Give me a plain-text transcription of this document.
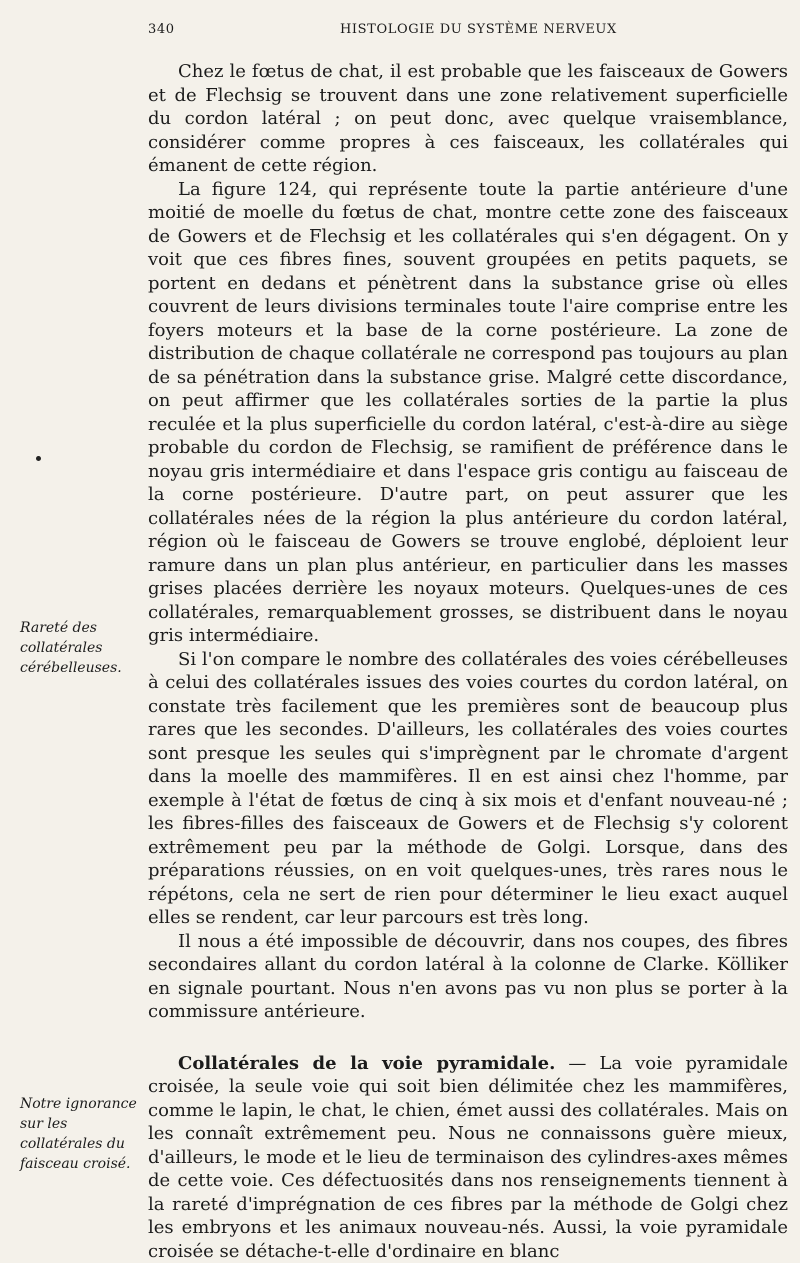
340	HISTOLOGIE DU SYSTÈME NERVEUX
Rareté des collatérales cérébelleuses.
Notre ignorance sur les collatérales du faisceau croisé.

Chez le fœtus de chat, il est probable que les faisceaux de Gowers et de Flechsig se trouvent dans une zone relativement superficielle du cordon latéral ; on peut donc, avec quelque vraisemblance, considérer comme propres à ces faisceaux, les collatérales qui émanent de cette région.

La figure 124, qui représente toute la partie antérieure d'une moitié de moelle du fœtus de chat, montre cette zone des faisceaux de Gowers et de Flechsig et les collatérales qui s'en dégagent. On y voit que ces fibres fines, souvent groupées en petits paquets, se portent en dedans et pénètrent dans la substance grise où elles couvrent de leurs divisions terminales toute l'aire comprise entre les foyers moteurs et la base de la corne postérieure. La zone de distribution de chaque collatérale ne correspond pas toujours au plan de sa pénétration dans la substance grise. Malgré cette discordance, on peut affirmer que les collatérales sorties de la partie la plus reculée et la plus superficielle du cordon latéral, c'est-à-dire au siège probable du cordon de Flechsig, se ramifient de préférence dans le noyau gris intermédiaire et dans l'espace gris contigu au faisceau de la corne postérieure. D'autre part, on peut assurer que les collatérales nées de la région la plus antérieure du cordon latéral, région où le faisceau de Gowers se trouve englobé, déploient leur ramure dans un plan plus antérieur, en particulier dans les masses grises placées derrière les noyaux moteurs. Quelques-unes de ces collatérales, remarquablement grosses, se distribuent dans le noyau gris intermédiaire.

Si l'on compare le nombre des collatérales des voies cérébelleuses à celui des collatérales issues des voies courtes du cordon latéral, on constate très facilement que les premières sont de beaucoup plus rares que les secondes. D'ailleurs, les collatérales des voies courtes sont presque les seules qui s'imprègnent par le chromate d'argent dans la moelle des mammifères. Il en est ainsi chez l'homme, par exemple à l'état de fœtus de cinq à six mois et d'enfant nouveau-né ; les fibres-filles des faisceaux de Gowers et de Flechsig s'y colorent extrêmement peu par la méthode de Golgi. Lorsque, dans des préparations réussies, on en voit quelques-unes, très rares nous le répétons, cela ne sert de rien pour déterminer le lieu exact auquel elles se rendent, car leur parcours est très long.

Il nous a été impossible de découvrir, dans nos coupes, des fibres secondaires allant du cordon latéral à la colonne de Clarke. Kölliker en signale pourtant. Nous n'en avons pas vu non plus se porter à la commissure antérieure.

Collatérales de la voie pyramidale. — La voie pyramidale croisée, la seule voie qui soit bien délimitée chez les mammifères, comme le lapin, le chat, le chien, émet aussi des collatérales. Mais on les connaît extrêmement peu. Nous ne connaissons guère mieux, d'ailleurs, le mode et le lieu de terminaison des cylindres-axes mêmes de cette voie. Ces défectuosités dans nos renseignements tiennent à la rareté d'imprégnation de ces fibres par la méthode de Golgi chez les embryons et les animaux nouveau-nés. Aussi, la voie pyramidale croisée se détache-t-elle d'ordinaire en blanc
